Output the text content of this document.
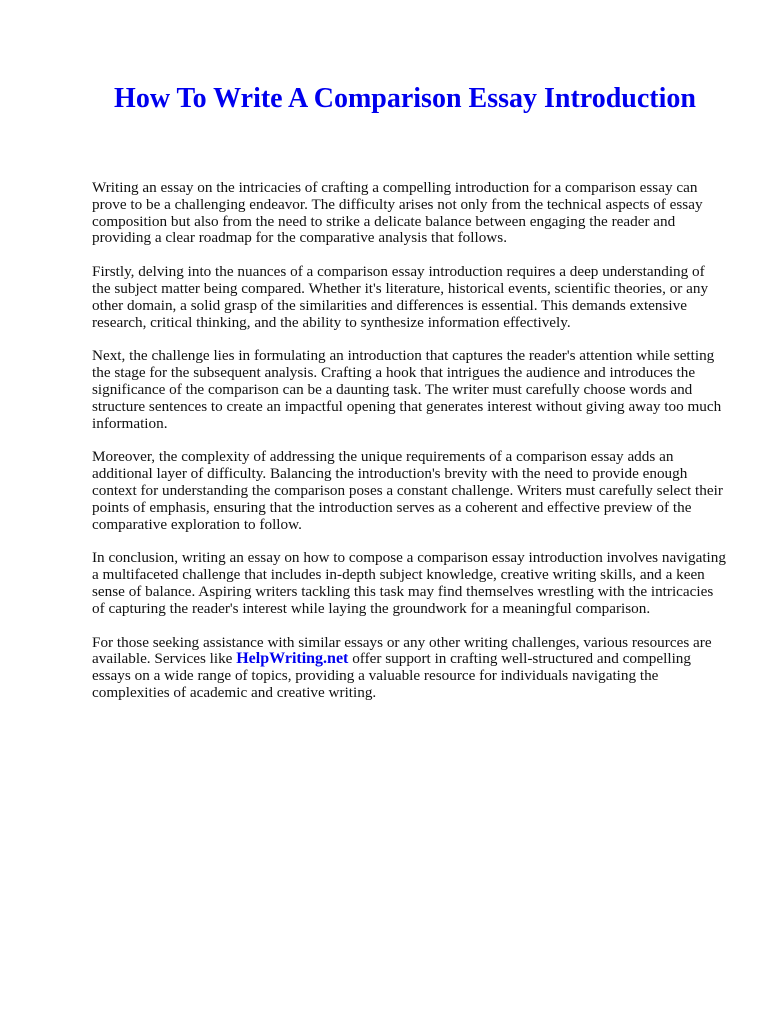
How To Write A Comparison Essay Introduction

Writing an essay on the intricacies of crafting a compelling introduction for a comparison essay can prove to be a challenging endeavor. The difficulty arises not only from the technical aspects of essay composition but also from the need to strike a delicate balance between engaging the reader and providing a clear roadmap for the comparative analysis that follows.

Firstly, delving into the nuances of a comparison essay introduction requires a deep understanding of the subject matter being compared. Whether it's literature, historical events, scientific theories, or any other domain, a solid grasp of the similarities and differences is essential. This demands extensive research, critical thinking, and the ability to synthesize information effectively.

Next, the challenge lies in formulating an introduction that captures the reader's attention while setting the stage for the subsequent analysis. Crafting a hook that intrigues the audience and introduces the significance of the comparison can be a daunting task. The writer must carefully choose words and structure sentences to create an impactful opening that generates interest without giving away too much information.

Moreover, the complexity of addressing the unique requirements of a comparison essay adds an additional layer of difficulty. Balancing the introduction's brevity with the need to provide enough context for understanding the comparison poses a constant challenge. Writers must carefully select their points of emphasis, ensuring that the introduction serves as a coherent and effective preview of the comparative exploration to follow.

In conclusion, writing an essay on how to compose a comparison essay introduction involves navigating a multifaceted challenge that includes in-depth subject knowledge, creative writing skills, and a keen sense of balance. Aspiring writers tackling this task may find themselves wrestling with the intricacies of capturing the reader's interest while laying the groundwork for a meaningful comparison.

For those seeking assistance with similar essays or any other writing challenges, various resources are available. Services like HelpWriting.net offer support in crafting well-structured and compelling essays on a wide range of topics, providing a valuable resource for individuals navigating the complexities of academic and creative writing.
